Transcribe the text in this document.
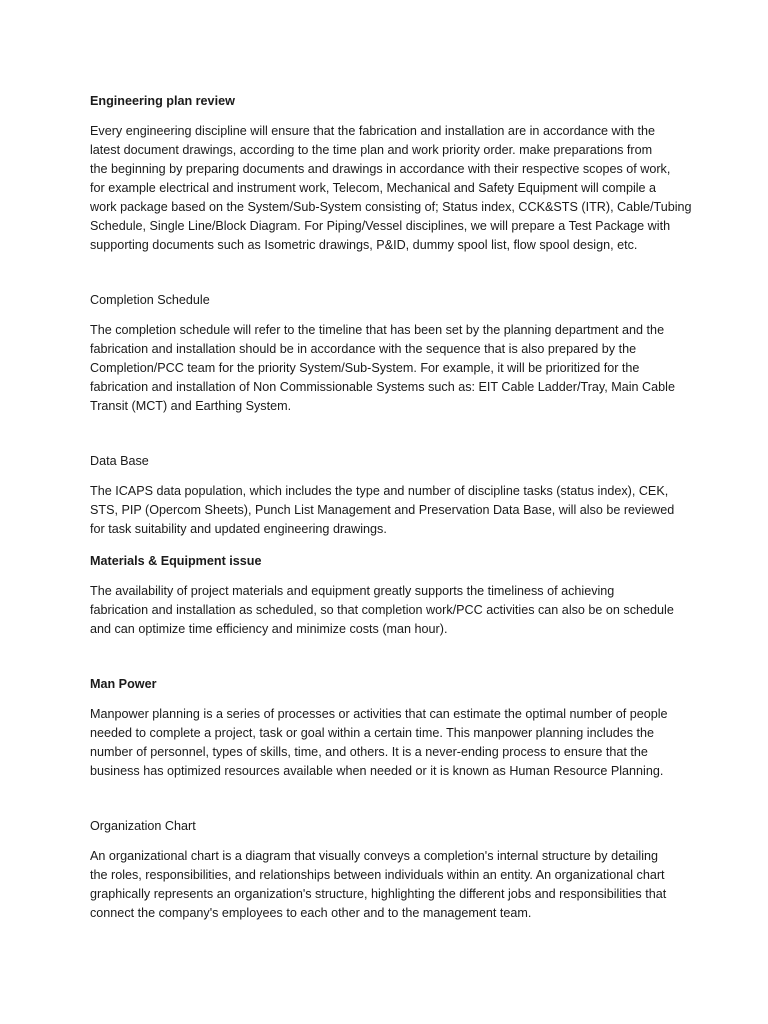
Engineering plan review

Every engineering discipline will ensure that the fabrication and installation are in accordance with the
latest document drawings, according to the time plan and work priority order. make preparations from
the beginning by preparing documents and drawings in accordance with their respective scopes of work,
for example electrical and instrument work, Telecom, Mechanical and Safety Equipment will compile a
work package based on the System/Sub-System consisting of; Status index, CCK&STS (ITR), Cable/Tubing
Schedule, Single Line/Block Diagram. For Piping/Vessel disciplines, we will prepare a Test Package with
supporting documents such as Isometric drawings, P&ID, dummy spool list, flow spool design, etc.

Completion Schedule

The completion schedule will refer to the timeline that has been set by the planning department and the
fabrication and installation should be in accordance with the sequence that is also prepared by the
Completion/PCC team for the priority System/Sub-System. For example, it will be prioritized for the
fabrication and installation of Non Commissionable Systems such as: EIT Cable Ladder/Tray, Main Cable
Transit (MCT) and Earthing System.

Data Base

The ICAPS data population, which includes the type and number of discipline tasks (status index), CEK,
STS, PIP (Opercom Sheets), Punch List Management and Preservation Data Base, will also be reviewed
for task suitability and updated engineering drawings.

Materials & Equipment issue

The availability of project materials and equipment greatly supports the timeliness of achieving
fabrication and installation as scheduled, so that completion work/PCC activities can also be on schedule
and can optimize time efficiency and minimize costs (man hour).

Man Power

Manpower planning is a series of processes or activities that can estimate the optimal number of people
needed to complete a project, task or goal within a certain time. This manpower planning includes the
number of personnel, types of skills, time, and others. It is a never-ending process to ensure that the
business has optimized resources available when needed or it is known as Human Resource Planning.

Organization Chart

An organizational chart is a diagram that visually conveys a completion's internal structure by detailing
the roles, responsibilities, and relationships between individuals within an entity. An organizational chart
graphically represents an organization's structure, highlighting the different jobs and responsibilities that
connect the company's employees to each other and to the management team.
